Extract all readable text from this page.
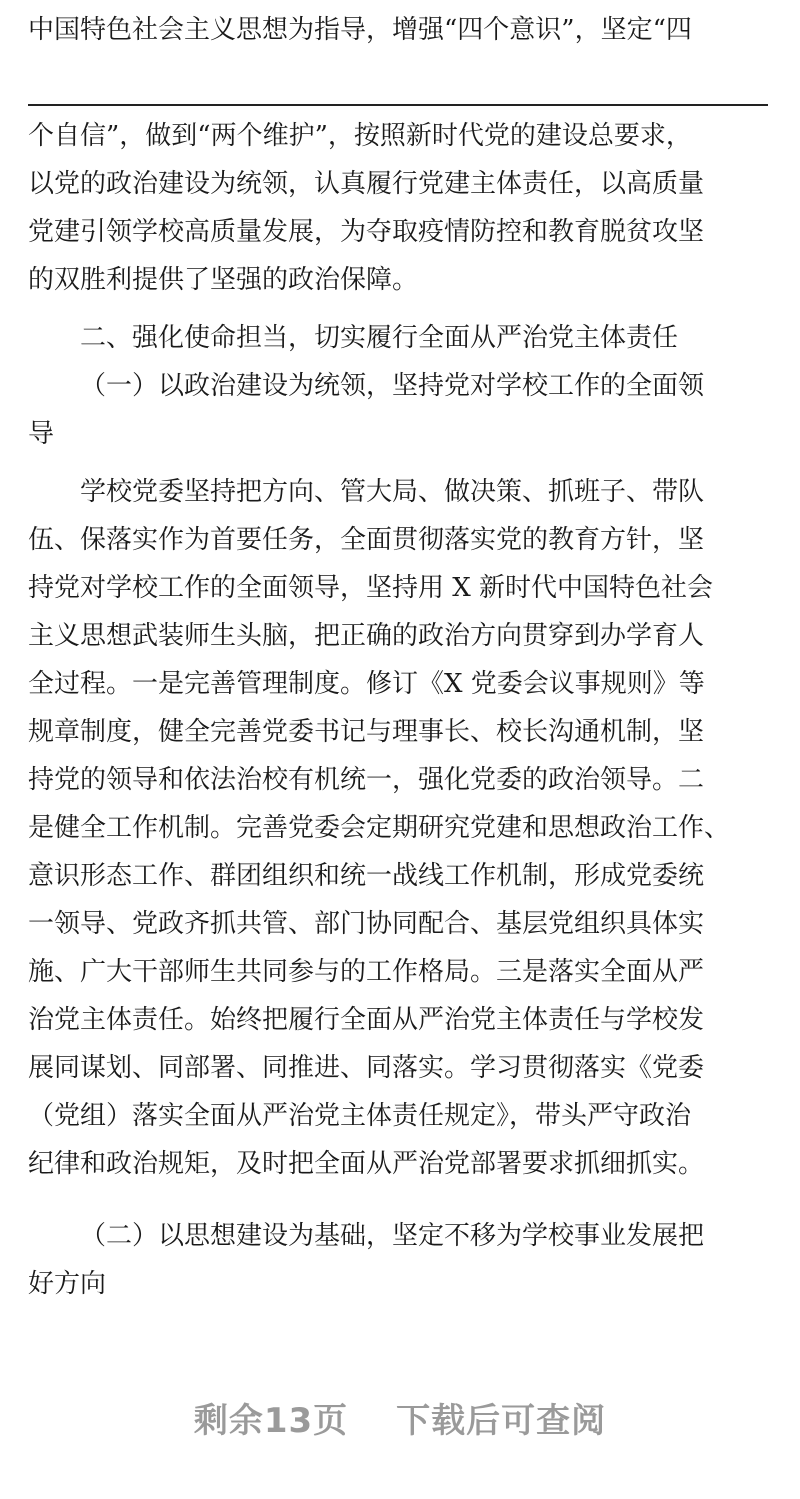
中国特色社会主义思想为指导，增强“四个意识”，坚定“四
个自信”，做到“两个维护”，按照新时代党的建设总要求，
以党的政治建设为统领，认真履行党建主体责任，以高质量
党建引领学校高质量发展，为夺取疫情防控和教育脱贫攻坚
的双胜利提供了坚强的政治保障。
二、强化使命担当，切实履行全面从严治党主体责任
（一）以政治建设为统领，坚持党对学校工作的全面领
导
学校党委坚持把方向、管大局、做决策、抓班子、带队
伍、保落实作为首要任务，全面贯彻落实党的教育方针，坚
持党对学校工作的全面领导，坚持用 X 新时代中国特色社会
主义思想武装师生头脑，把正确的政治方向贯穿到办学育人
全过程。一是完善管理制度。修订《X 党委会议事规则》等
规章制度，健全完善党委书记与理事长、校长沟通机制，坚
持党的领导和依法治校有机统一，强化党委的政治领导。二
是健全工作机制。完善党委会定期研究党建和思想政治工作、
意识形态工作、群团组织和统一战线工作机制，形成党委统
一领导、党政齐抓共管、部门协同配合、基层党组织具体实
施、广大干部师生共同参与的工作格局。三是落实全面从严
治党主体责任。始终把履行全面从严治党主体责任与学校发
展同谋划、同部署、同推进、同落实。学习贯彻落实《党委
（党组）落实全面从严治党主体责任规定》，带头严守政治
纪律和政治规矩，及时把全面从严治党部署要求抓细抓实。
（二）以思想建设为基础，坚定不移为学校事业发展把
好方向
剩余13页 下载后可查阅
